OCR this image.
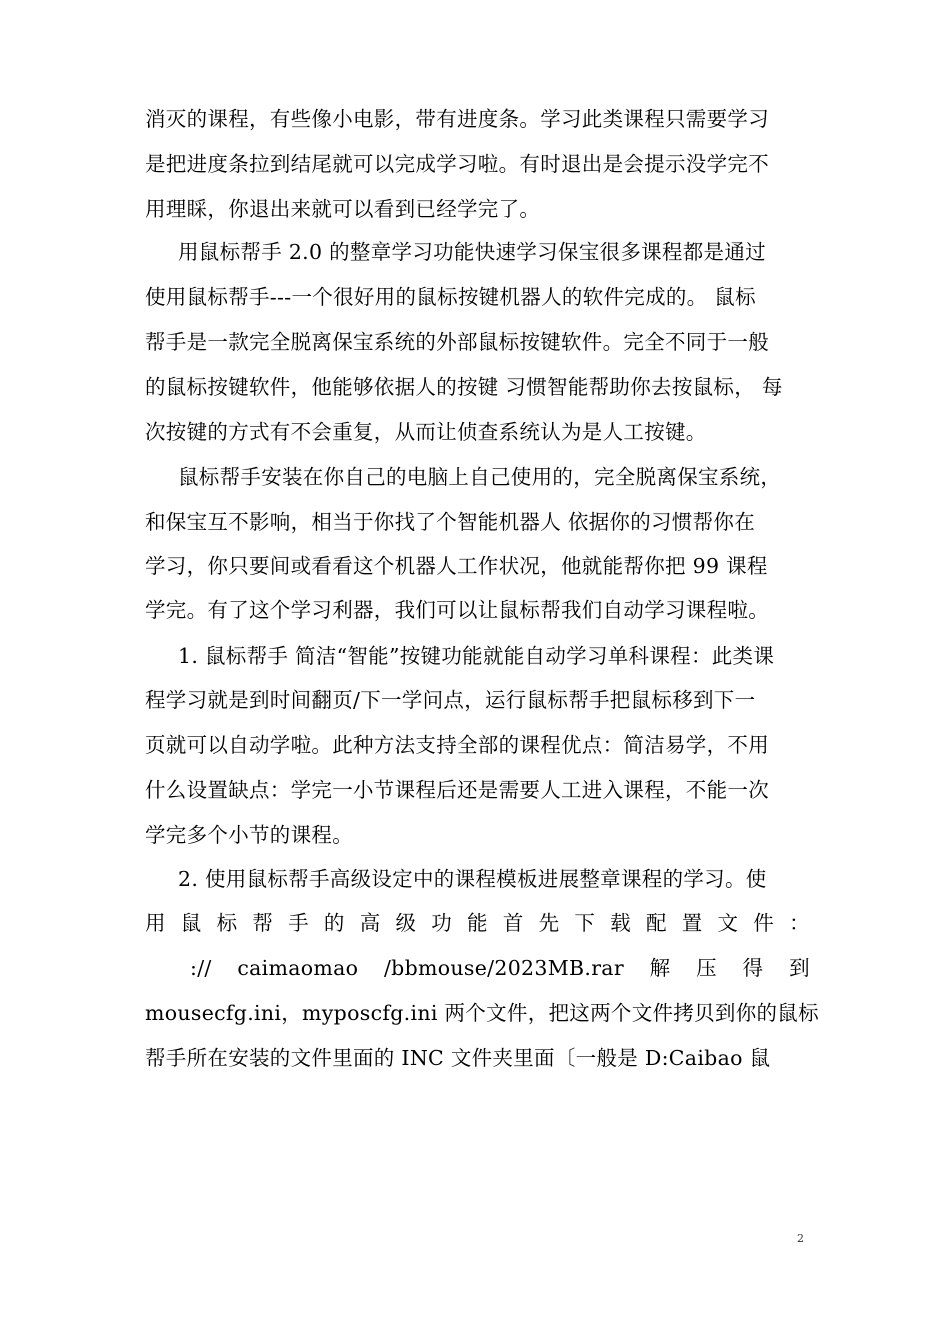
消灭的课程，有些像小电影，带有进度条。学习此类课程只需要学习
是把进度条拉到结尾就可以完成学习啦。有时退出是会提示没学完不
用理睬，你退出来就可以看到已经学完了。
用鼠标帮手 2.0 的整章学习功能快速学习保宝很多课程都是通过
使用鼠标帮手---一个很好用的鼠标按键机器人的软件完成的。 鼠标
帮手是一款完全脱离保宝系统的外部鼠标按键软件。完全不同于一般
的鼠标按键软件，他能够依据人的按键 习惯智能帮助你去按鼠标， 每
次按键的方式有不会重复，从而让侦查系统认为是人工按键。
鼠标帮手安装在你自己的电脑上自己使用的，完全脱离保宝系统，
和保宝互不影响，相当于你找了个智能机器人 依据你的习惯帮你在
学习，你只要间或看看这个机器人工作状况，他就能帮你把 99 课程
学完。有了这个学习利器，我们可以让鼠标帮我们自动学习课程啦。
1. 鼠标帮手 简洁“智能”按键功能就能自动学习单科课程：此类课
程学习就是到时间翻页/下一学问点，运行鼠标帮手把鼠标移到下一
页就可以自动学啦。此种方法支持全部的课程优点：简洁易学，不用
什么设置缺点：学完一小节课程后还是需要人工进入课程，不能一次
学完多个小节的课程。
2. 使用鼠标帮手高级设定中的课程模板进展整章课程的学习。使
用 鼠 标 帮 手 的 高 级 功 能 首 先 下 载 配 置 文 件 ：
:// caimaomao /bbmouse/2023MB.rar 解 压 得 到
mousecfg.ini，myposcfg.ini 两个文件，把这两个文件拷贝到你的鼠标
帮手所在安装的文件里面的 INC 文件夹里面〔一般是 D:Caibao 鼠
2
